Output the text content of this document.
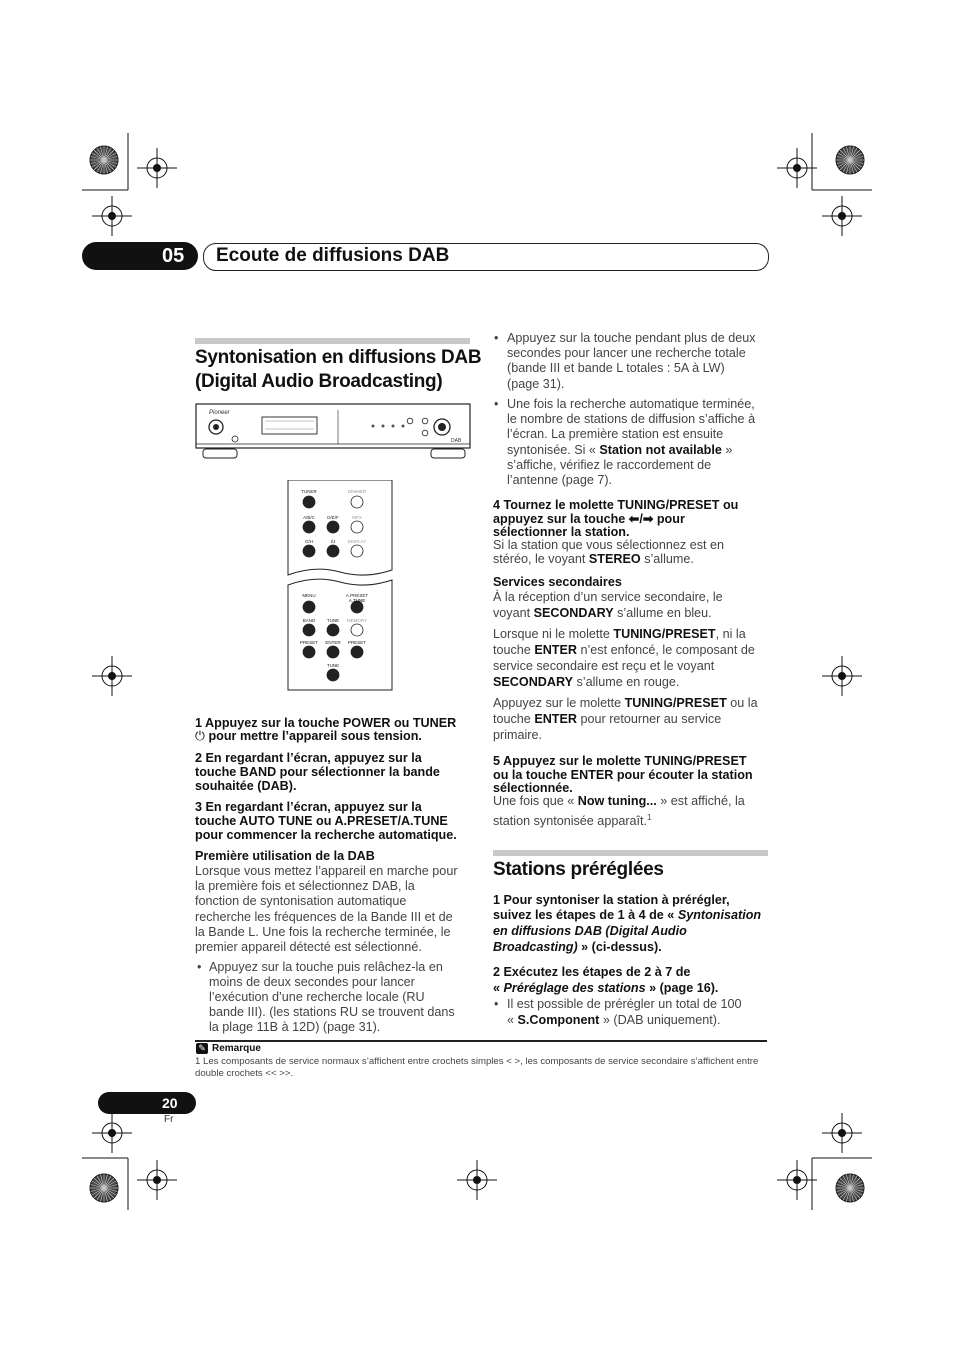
05 Ecoute de diffusions DAB
Syntonisation en diffusions DAB
(Digital Audio Broadcasting)
Pioneer
DAB
TUNER	DIMMER
A/B/C	D/E/F	MPX
G/H	I/J	DISPLAY
MENU	A.PRESET
BAND	TUNE MEMORY
PRESET ENTER PRESET
TUNE
A.TUNE
1 Appuyez sur la touche POWER ou TUNER
⏻ pour mettre l’appareil sous tension.
2 En regardant l’écran, appuyez sur la
touche BAND pour sélectionner la bande
souhaitée (DAB).
3 En regardant l’écran, appuyez sur la
touche AUTO TUNE ou A.PRESET/A.TUNE
pour commencer la recherche automatique.
Première utilisation de la DAB
Lorsque vous mettez l’appareil en marche pour
la première fois et sélectionnez DAB, la
fonction de syntonisation automatique
recherche les fréquences de la Bande III et de
la Bande L. Une fois la recherche terminée, le
premier appareil détecté est sélectionné.
• Appuyez sur la touche puis relâchez-la en
moins de deux secondes pour lancer
l’exécution d’une recherche locale (RU
bande III). (les stations RU se trouvent dans
la plage 11B à 12D) (page 31).
• Appuyez sur la touche pendant plus de deux
secondes pour lancer une recherche totale
(bande III et bande L totales : 5A à LW)
(page 31).
• Une fois la recherche automatique terminée,
le nombre de stations de diffusion s’affiche à
l’écran. La première station est ensuite
syntonisée. Si « Station not available »
s’affiche, vérifiez le raccordement de
l’antenne (page 7).
4 Tournez le molette TUNING/PRESET ou
appuyez sur la touche ⬅/➡ pour
sélectionner la station.
Si la station que vous sélectionnez est en
stéréo, le voyant STEREO s’allume.
Services secondaires
À la réception d’un service secondaire, le
voyant SECONDARY s’allume en bleu.
Lorsque ni le molette TUNING/PRESET, ni la
touche ENTER n’est enfoncé, le composant de
service secondaire est reçu et le voyant
SECONDARY s’allume en rouge.
Appuyez sur le molette TUNING/PRESET ou la
touche ENTER pour retourner au service
primaire.
5 Appuyez sur le molette TUNING/PRESET
ou la touche ENTER pour écouter la station
sélectionnée.
Une fois que « Now tuning... » est affiché, la
station syntonisée apparaît.$^1$
Stations préréglées
1 Pour syntoniser la station à prérégler,
suivez les étapes de 1 à 4 de « Syntonisation
en diffusions DAB (Digital Audio
Broadcasting) » (ci-dessus).
2 Exécutez les étapes de 2 à 7 de
« Préréglage des stations » (page 16).
• Il est possible de prérégler un total de 100
« S.Component » (DAB uniquement).
✎ Remarque
1 Les composants de service normaux s’affichent entre crochets simples < >, les composants de service secondaire s’affichent entre double crochets << >>.
20
Fr
